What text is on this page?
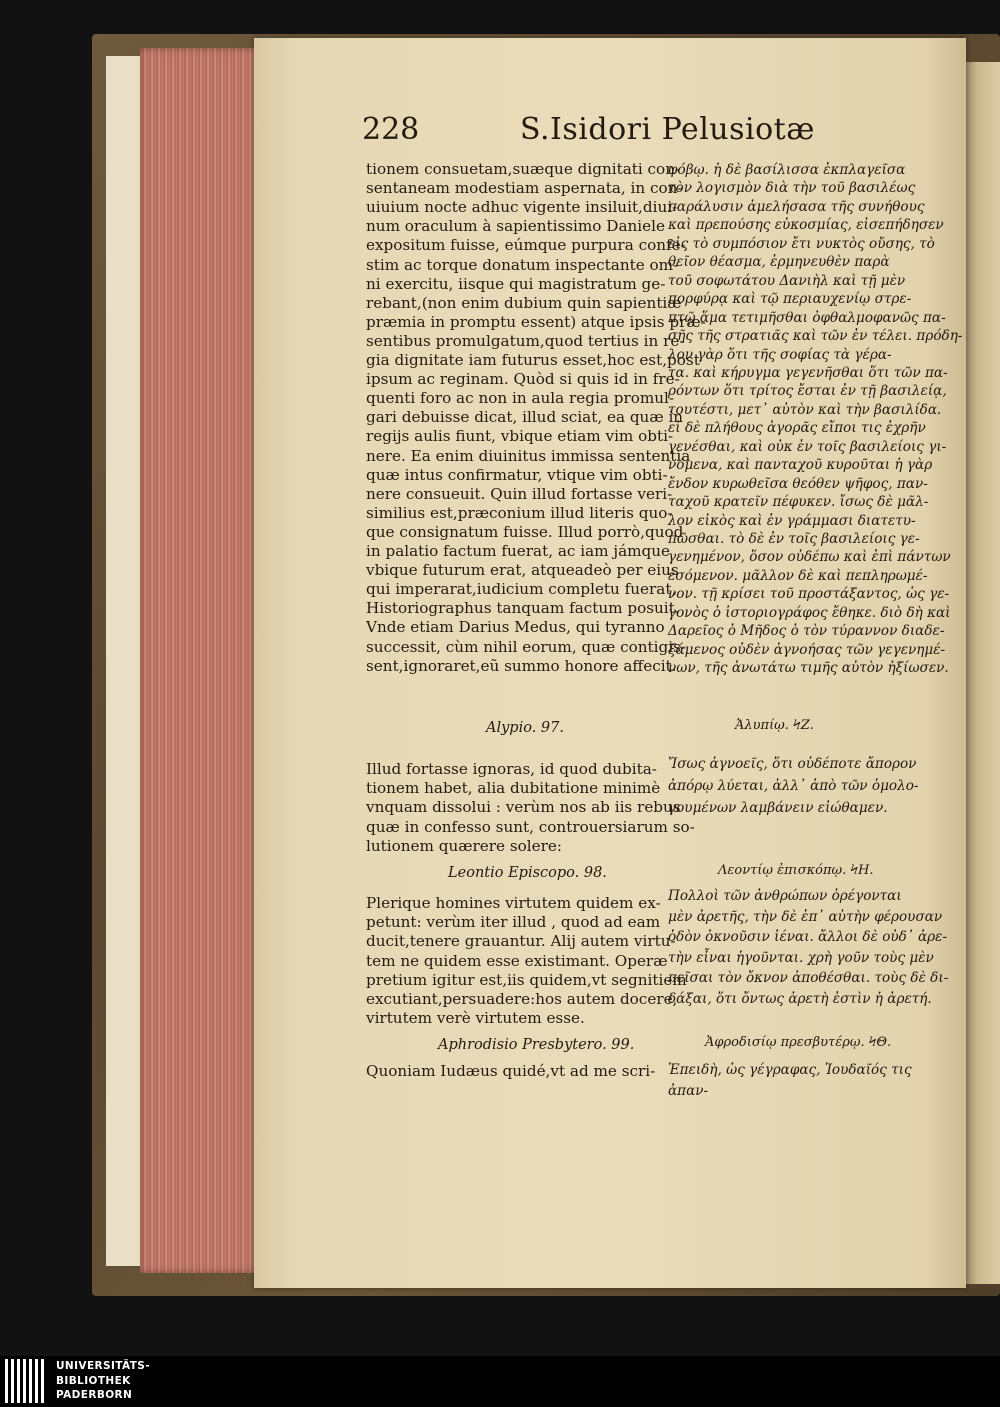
228	S.Isidori Pelusiotæ
tionem consuetam,suæque dignitati con-
sentaneam modestiam aspernata, in con-
uiuium nocte adhuc vigente insiluit,diui-
num oraculum à sapientissimo Daniele
expositum fuisse, eúmque purpura confe-
stim ac torque donatum inspectante om-
ni exercitu, iisque qui magistratum ge-
rebant,(non enim dubium quin sapientiæ
præmia in promptu essent) atque ipsis præ-
sentibus promulgatum,quod tertius in re-
gia dignitate iam futurus esset,hoc est,post
ipsum ac reginam. Quòd si quis id in fre-
quenti foro ac non in aula regia promul-
gari debuisse dicat, illud sciat, ea quæ in
regijs aulis fiunt, vbique etiam vim obti-
nere. Ea enim diuinitus immissa sententia
quæ intus confirmatur, vtique vim obti-
nere consueuit. Quin illud fortasse veri-
similius est,præconium illud literis quo-
que consignatum fuisse. Illud porrò,quod
in palatio factum fuerat, ac iam jámque
vbique futurum erat, atqueadeò per eius
qui imperarat,iudicium completu fuerat,
Historiographus tanquam factum posuit.
Vnde etiam Darius Medus, qui tyranno
successit, cùm nihil eorum, quæ contigis-
sent,ignoraret,eũ summo honore affecit.
φόβῳ. ἡ δὲ βασίλισσα ἐκπλαγεῖσα
τὸν λογισμὸν διὰ τὴν τοῦ βασιλέως
παράλυσιν ἀμελήσασα τῆς συνήθους
καὶ πρεπούσης εὐκοσμίας, εἰσεπήδησεν
εἰς τὸ συμπόσιον ἔτι νυκτὸς οὔσης, τὸ
θεῖον θέασμα, ἑρμηνευθὲν παρὰ
τοῦ σοφωτάτου Δανιὴλ καὶ τῇ μὲν
πορφύρᾳ καὶ τῷ περιαυχενίῳ στρε-
πτῷ ἅμα τετιμῆσθαι ὀφθαλμοφανῶς πα-
σῆς τῆς στρατιᾶς καὶ τῶν ἐν τέλει. πρόδη-
λον γὰρ ὅτι τῆς σοφίας τὰ γέρα-
τα. καὶ κήρυγμα γεγενῆσθαι ὅτι τῶν πα-
ρόντων ὅτι τρίτος ἔσται ἐν τῇ βασιλείᾳ,
τουτέστι, μετ᾽ αὐτὸν καὶ τὴν βασιλίδα.
εἰ δὲ πλήθους ἀγορᾶς εἴποι τις ἐχρῆν
γενέσθαι, καὶ οὐκ ἐν τοῖς βασιλείοις γι-
νόμενα, καὶ πανταχοῦ κυροῦται ἡ γὰρ
ἔνδον κυρωθεῖσα θεόθεν ψῆφος, παν-
ταχοῦ κρατεῖν πέφυκεν. ἴσως δὲ μᾶλ-
λον εἰκὸς καὶ ἐν γράμμασι διατετυ-
πῶσθαι. τὸ δὲ ἐν τοῖς βασιλείοις γε-
γενημένον, ὅσον οὐδέπω καὶ ἐπὶ πάντων
ἐσόμενον. μᾶλλον δὲ καὶ πεπληρωμέ-
νον. τῇ κρίσει τοῦ προστάξαντος, ὡς γε-
γονὸς ὁ ἱστοριογράφος ἔθηκε. διὸ δὴ καὶ
Δαρεῖος ὁ Μῆδος ὁ τὸν τύραννον διαδε-
ξάμενος οὐδὲν ἀγνοήσας τῶν γεγενημέ-
νων, τῆς ἀνωτάτω τιμῆς αὐτὸν ἠξίωσεν.
Alypio. 97.	Ἀλυπίῳ. ϞΖ.
Illud fortasse ignoras, id quod dubita-
tionem habet, alia dubitatione minimè
vnquam dissolui : verùm nos ab iis rebus
quæ in confesso sunt, controuersiarum so-
lutionem quærere solere:
Ἴσως ἀγνοεῖς, ὅτι οὐδέποτε ἄπορον
ἀπόρῳ λύεται, ἀλλ᾽ ἀπὸ τῶν ὁμολο-
γουμένων λαμβάνειν εἰώθαμεν.
Leontio Episcopo. 98.	Λεοντίῳ ἐπισκόπῳ. ϞΗ.
Plerique homines virtutem quidem ex-
petunt: verùm iter illud , quod ad eam
ducit,tenere grauantur. Alij autem virtu-
tem ne quidem esse existimant. Operæ
pretium igitur est,iis quidem,vt segnitiem
excutiant,persuadere:hos autem docere,
virtutem verè virtutem esse.
Πολλοὶ τῶν ἀνθρώπων ὀρέγονται
μὲν ἀρετῆς, τὴν δὲ ἐπ᾽ αὐτὴν φέρουσαν
ὁδὸν ὀκνοῦσιν ἰέναι. ἄλλοι δὲ οὐδ᾽ ἀρε-
τὴν εἶναι ἡγοῦνται. χρὴ γοῦν τοὺς μὲν
πεῖσαι τὸν ὄκνον ἀποθέσθαι. τοὺς δὲ δι-
δάξαι, ὅτι ὄντως ἀρετὴ ἐστὶν ἡ ἀρετή.
Aphrodisio Presbytero. 99.	Ἀφροδισίῳ πρεσβυτέρῳ. ϞΘ.
Quoniam Iudæus quidé,vt ad me scri- Ἐπειδὴ, ὡς γέγραφας, Ἰουδαῖός τις
ἀπαν-
UNIVERSITÄTS-
BIBLIOTHEK
PADERBORN
